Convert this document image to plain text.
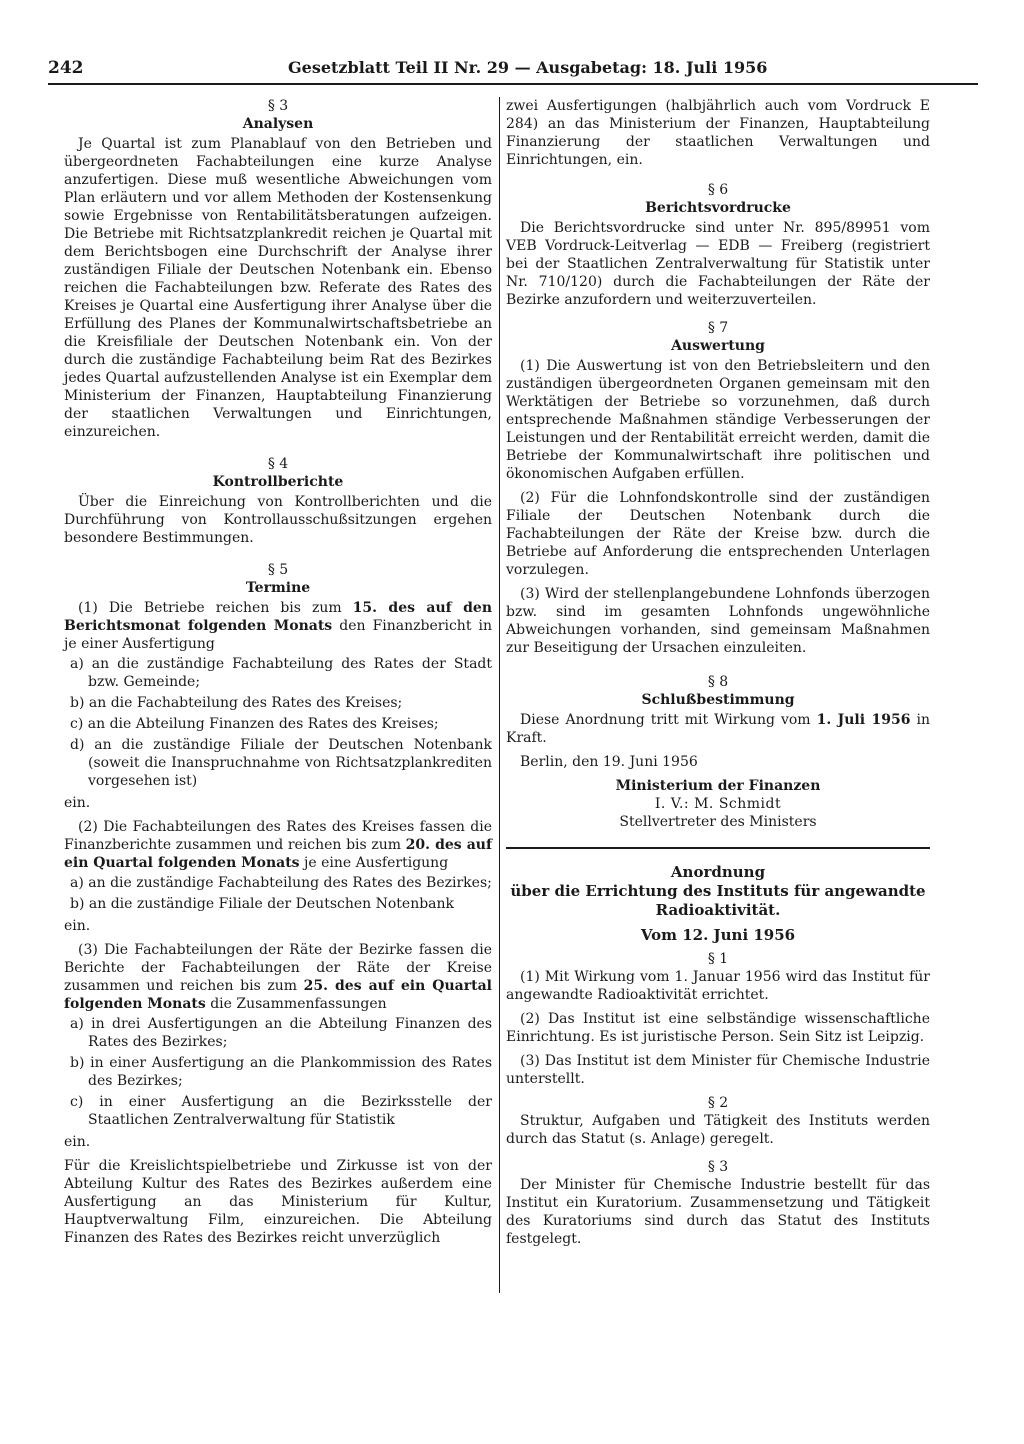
242	Gesetzblatt Teil II Nr. 29 — Ausgabetag: 18. Juli 1956

§ 3

Analysen

Je Quartal ist zum Planablauf von den Betrieben und übergeordneten Fachabteilungen eine kurze Analyse anzufertigen. Diese muß wesentliche Abweichungen vom Plan erläutern und vor allem Methoden der Kostensenkung sowie Ergebnisse von Rentabilitätsberatungen aufzeigen. Die Betriebe mit Richtsatzplankredit reichen je Quartal mit dem Berichtsbogen eine Durchschrift der Analyse ihrer zuständigen Filiale der Deutschen Notenbank ein. Ebenso reichen die Fachabteilungen bzw. Referate des Rates des Kreises je Quartal eine Ausfertigung ihrer Analyse über die Erfüllung des Planes der Kommunalwirtschaftsbetriebe an die Kreisfiliale der Deutschen Notenbank ein. Von der durch die zuständige Fachabteilung beim Rat des Bezirkes jedes Quartal aufzustellenden Analyse ist ein Exemplar dem Ministerium der Finanzen, Hauptabteilung Finanzierung der staatlichen Verwaltungen und Einrichtungen, einzureichen.

§ 4

Kontrollberichte

Über die Einreichung von Kontrollberichten und die Durchführung von Kontrollausschußsitzungen ergehen besondere Bestimmungen.

§ 5

Termine

(1) Die Betriebe reichen bis zum 15. des auf den Berichtsmonat folgenden Monats den Finanzbericht in je einer Ausfertigung

a) an die zuständige Fachabteilung des Rates der Stadt bzw. Gemeinde;
b) an die Fachabteilung des Rates des Kreises;
c) an die Abteilung Finanzen des Rates des Kreises;
d) an die zuständige Filiale der Deutschen Notenbank (soweit die Inanspruchnahme von Richtsatzplankrediten vorgesehen ist)

ein.

(2) Die Fachabteilungen des Rates des Kreises fassen die Finanzberichte zusammen und reichen bis zum 20. des auf ein Quartal folgenden Monats je eine Ausfertigung

a) an die zuständige Fachabteilung des Rates des Bezirkes;
b) an die zuständige Filiale der Deutschen Notenbank

ein.

(3) Die Fachabteilungen der Räte der Bezirke fassen die Berichte der Fachabteilungen der Räte der Kreise zusammen und reichen bis zum 25. des auf ein Quartal folgenden Monats die Zusammenfassungen

a) in drei Ausfertigungen an die Abteilung Finanzen des Rates des Bezirkes;
b) in einer Ausfertigung an die Plankommission des Rates des Bezirkes;
c) in einer Ausfertigung an die Bezirksstelle der Staatlichen Zentralverwaltung für Statistik

ein.

Für die Kreislichtspielbetriebe und Zirkusse ist von der Abteilung Kultur des Rates des Bezirkes außerdem eine Ausfertigung an das Ministerium für Kultur, Hauptverwaltung Film, einzureichen. Die Abteilung Finanzen des Rates des Bezirkes reicht unverzüglich

zwei Ausfertigungen (halbjährlich auch vom Vordruck E 284) an das Ministerium der Finanzen, Hauptabteilung Finanzierung der staatlichen Verwaltungen und Einrichtungen, ein.

§ 6

Berichtsvordrucke

Die Berichtsvordrucke sind unter Nr. 895/89951 vom VEB Vordruck-Leitverlag — EDB — Freiberg (registriert bei der Staatlichen Zentralverwaltung für Statistik unter Nr. 710/120) durch die Fachabteilungen der Räte der Bezirke anzufordern und weiterzuverteilen.

§ 7

Auswertung

(1) Die Auswertung ist von den Betriebsleitern und den zuständigen übergeordneten Organen gemeinsam mit den Werktätigen der Betriebe so vorzunehmen, daß durch entsprechende Maßnahmen ständige Verbesserungen der Leistungen und der Rentabilität erreicht werden, damit die Betriebe der Kommunalwirtschaft ihre politischen und ökonomischen Aufgaben erfüllen.

(2) Für die Lohnfondskontrolle sind der zuständigen Filiale der Deutschen Notenbank durch die Fachabteilungen der Räte der Kreise bzw. durch die Betriebe auf Anforderung die entsprechenden Unterlagen vorzulegen.

(3) Wird der stellenplangebundene Lohnfonds überzogen bzw. sind im gesamten Lohnfonds ungewöhnliche Abweichungen vorhanden, sind gemeinsam Maßnahmen zur Beseitigung der Ursachen einzuleiten.

§ 8

Schlußbestimmung

Diese Anordnung tritt mit Wirkung vom 1. Juli 1956 in Kraft.

Berlin, den 19. Juni 1956

Ministerium der Finanzen

I. V.: M. Schmidt

Stellvertreter des Ministers

Anordnung

über die Errichtung des Instituts für angewandte Radioaktivität.

Vom 12. Juni 1956

§ 1

(1) Mit Wirkung vom 1. Januar 1956 wird das Institut für angewandte Radioaktivität errichtet.

(2) Das Institut ist eine selbständige wissenschaftliche Einrichtung. Es ist juristische Person. Sein Sitz ist Leipzig.

(3) Das Institut ist dem Minister für Chemische Industrie unterstellt.

§ 2

Struktur, Aufgaben und Tätigkeit des Instituts werden durch das Statut (s. Anlage) geregelt.

§ 3

Der Minister für Chemische Industrie bestellt für das Institut ein Kuratorium. Zusammensetzung und Tätigkeit des Kuratoriums sind durch das Statut des Instituts festgelegt.
